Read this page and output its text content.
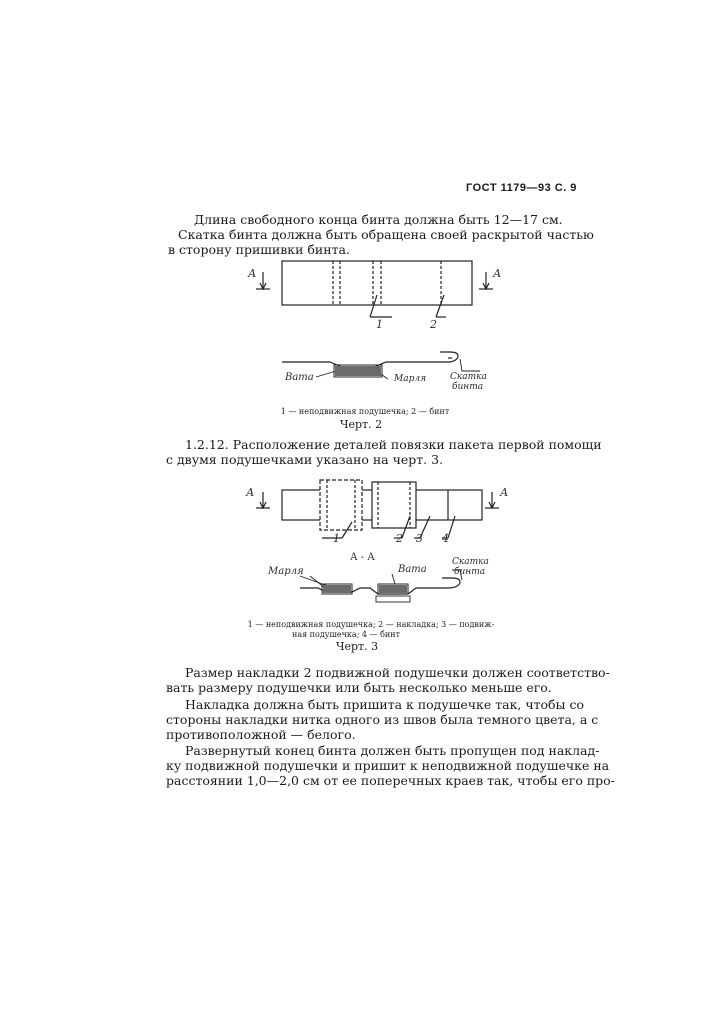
ГОСТ 1179—93 С. 9
Длина свободного конца бинта должна быть 12—17 см.
Скатка бинта должна быть обращена своей раскрытой частью
в сторону пришивки бинта.
А	А
1	2
Вата	Марля	Скатка
бинта
1 — неподвижная подушечка; 2 — бинт
Черт. 2
1.2.12. Расположение деталей повязки пакета первой помощи
с двумя подушечками указано на черт. 3.
А	А
1	2 3 4
А - А
Марля	Вата
Скатка
бинта
1 — неподвижная подушечка; 2 — накладка; 3 — подвиж-
ная подушечка; 4 — бинт
Черт. 3
Размер накладки 2 подвижной подушечки должен соответство-
вать размеру подушечки или быть несколько меньше его.
Накладка должна быть пришита к подушечке так, чтобы со
стороны накладки нитка одного из швов была темного цвета, а с
противоположной — белого.
Развернутый конец бинта должен быть пропущен под наклад-
ку подвижной подушечки и пришит к неподвижной подушечке на
расстоянии 1,0—2,0 см от ее поперечных краев так, чтобы его про-
